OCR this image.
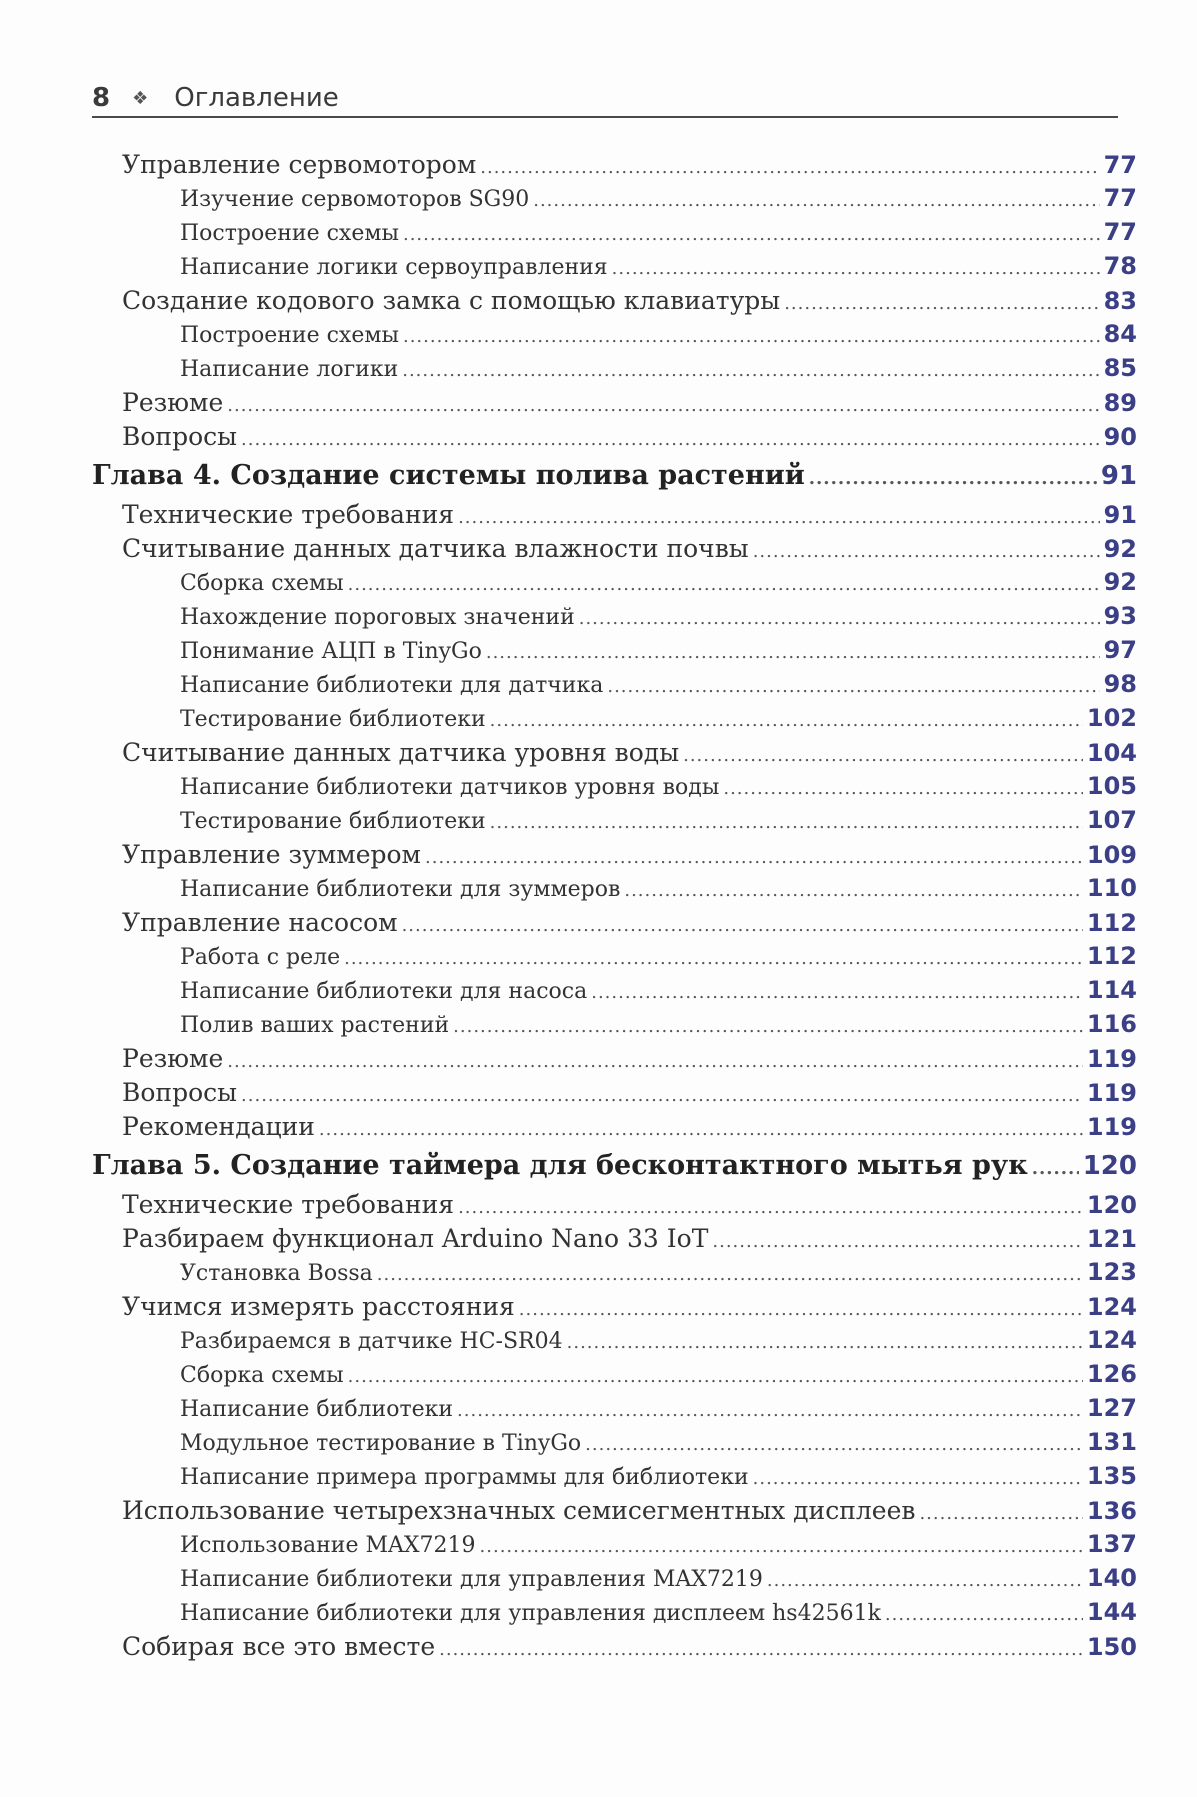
8 ❖ Оглавление
Управление сервомотором .....	77
Изучение сервомоторов SG90 .....	77
Построение схемы .....	77
Написание логики сервоуправления .....	78
Создание кодового замка с помощью клавиатуры .....	83
Построение схемы .....	84
Написание логики .....	85
Резюме .....	89
Вопросы .....	90
Глава 4. Создание системы полива растений .....	91
Технические требования .....	91
Считывание данных датчика влажности почвы .....	92
Сборка схемы .....	92
Нахождение пороговых значений .....	93
Понимание АЦП в TinyGo .....	97
Написание библиотеки для датчика .....	98
Тестирование библиотеки .....	102
Считывание данных датчика уровня воды .....	104
Написание библиотеки датчиков уровня воды .....	105
Тестирование библиотеки .....	107
Управление зуммером .....	109
Написание библиотеки для зуммеров .....	110
Управление насосом .....	112
Работа с реле .....	112
Написание библиотеки для насоса .....	114
Полив ваших растений .....	116
Резюме .....	119
Вопросы .....	119
Рекомендации .....	119
Глава 5. Создание таймера для бесконтактного мытья рук ..... 120
Технические требования .....	120
Разбираем функционал Arduino Nano 33 IoT .....	121
Установка Bossa .....	123
Учимся измерять расстояния .....	124
Разбираемся в датчике HC-SR04 .....	124
Сборка схемы .....	126
Написание библиотеки .....	127
Модульное тестирование в TinyGo .....	131
Написание примера программы для библиотеки .....	135
Использование четырехзначных семисегментных дисплеев .....	136
Использование MAX7219 .....	137
Написание библиотеки для управления MAX7219 .....	140
Написание библиотеки для управления дисплеем hs42561k .....	144
Собирая все это вместе .....	150
